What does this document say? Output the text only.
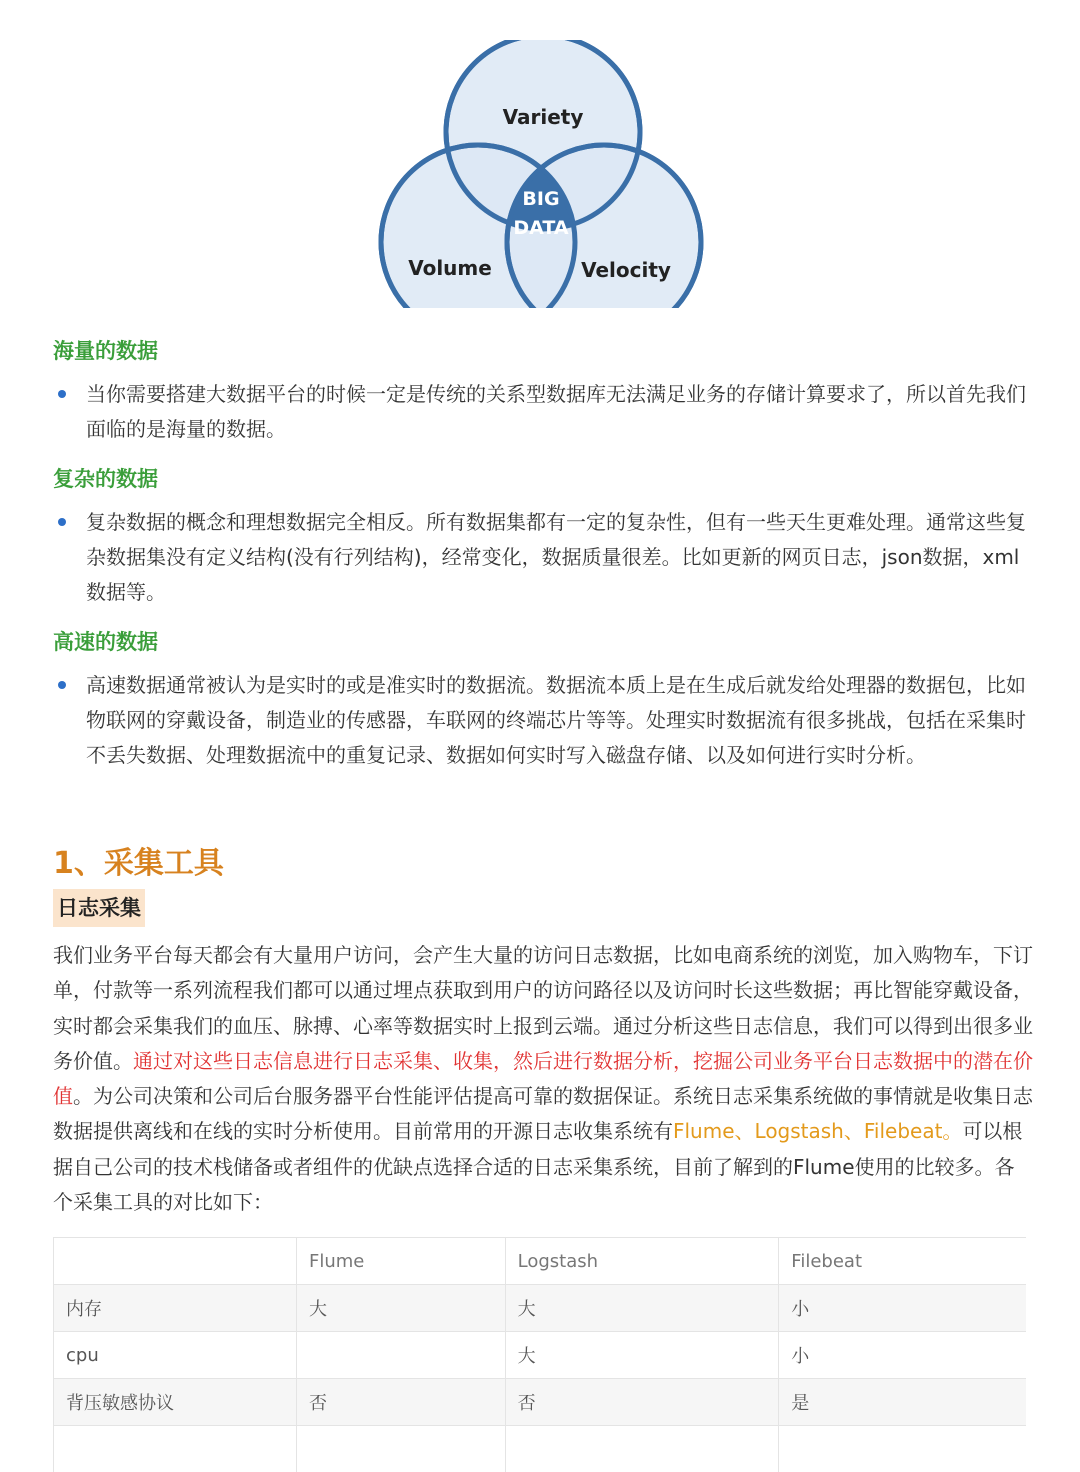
Variety
Volume	Velocity
BIG
DATA
海量的数据
当你需要搭建大数据平台的时候一定是传统的关系型数据库无法满足业务的存储计算要求了，所以首先我们面临的是海量的数据。
复杂的数据
复杂数据的概念和理想数据完全相反。所有数据集都有一定的复杂性，但有一些天生更难处理。通常这些复杂数据集没有定义结构(没有行列结构)，经常变化，数据质量很差。比如更新的网页日志，json数据，xml数据等。
高速的数据
高速数据通常被认为是实时的或是准实时的数据流。数据流本质上是在生成后就发给处理器的数据包，比如物联网的穿戴设备，制造业的传感器，车联网的终端芯片等等。处理实时数据流有很多挑战，包括在采集时不丢失数据、处理数据流中的重复记录、数据如何实时写入磁盘存储、以及如何进行实时分析。
1、采集工具
日志采集

我们业务平台每天都会有大量用户访问，会产生大量的访问日志数据，比如电商系统的浏览，加入购物车，下订单，付款等一系列流程我们都可以通过埋点获取到用户的访问路径以及访问时长这些数据；再比智能穿戴设备，实时都会采集我们的血压、脉搏、心率等数据实时上报到云端。通过分析这些日志信息，我们可以得到出很多业务价值。通过对这些日志信息进行日志采集、收集，然后进行数据分析，挖掘公司业务平台日志数据中的潜在价值。为公司决策和公司后台服务器平台性能评估提高可靠的数据保证。系统日志采集系统做的事情就是收集日志数据提供离线和在线的实时分析使用。目前常用的开源日志收集系统有Flume、Logstash、Filebeat。可以根据自己公司的技术栈储备或者组件的优缺点选择合适的日志采集系统，目前了解到的Flume使用的比较多。各个采集工具的对比如下：

	Flume	Logstash	Filebeat
内存	大	大	小
cpu		大	小
背压敏感协议	否	否	是
